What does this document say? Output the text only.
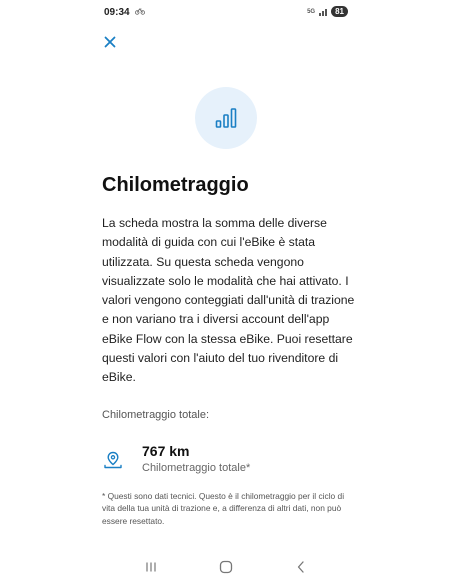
09:34	5G	81
Chilometraggio

La scheda mostra la somma delle diverse modalità di guida con cui l'eBike è stata utilizzata. Su questa scheda vengono visualizzate solo le modalità che hai attivato. I valori vengono conteggiati dall'unità di trazione e non variano tra i diversi account dell'app eBike Flow con la stessa eBike. Puoi resettare questi valori con l'aiuto del tuo rivenditore di eBike.

Chilometraggio totale:
767 km
Chilometraggio totale*

* Questi sono dati tecnici. Questo è il chilometraggio per il ciclo di vita della tua unità di trazione e, a differenza di altri dati, non può essere resettato.
